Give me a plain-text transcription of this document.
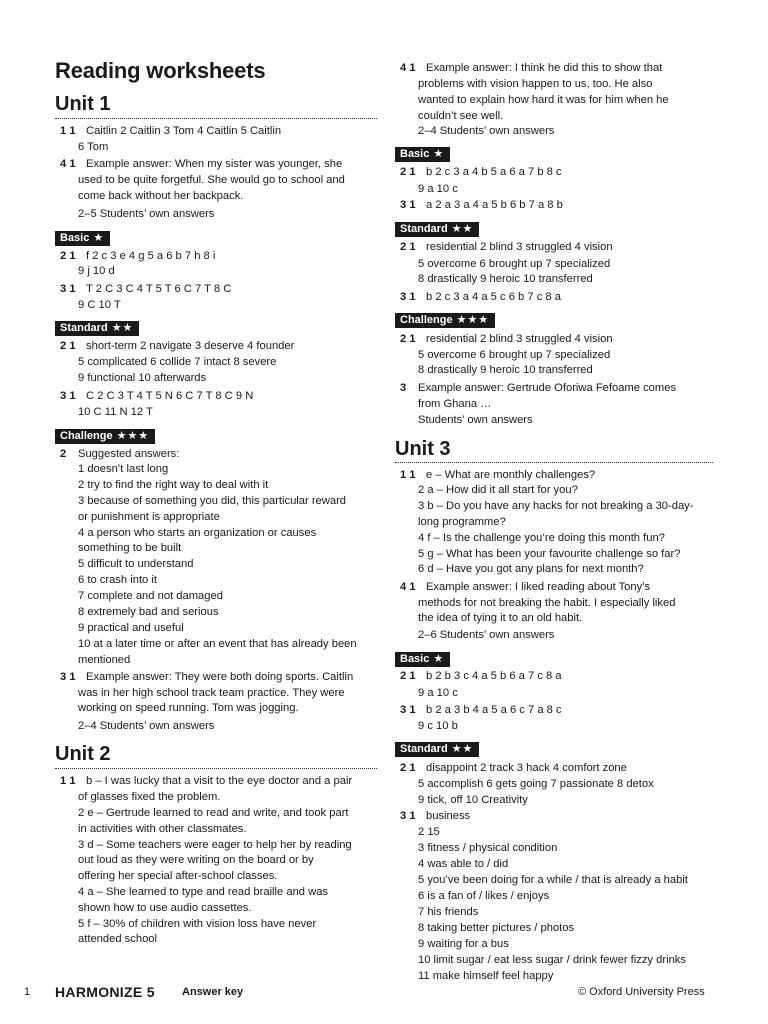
Reading worksheets
Unit 1
Unit 2
Unit 3
Basic ★
Standard ★★
Challenge ★★★
Basic ★
Standard ★★
Challenge ★★★
Basic ★
Standard ★★
1 1 Caitlin 2 Caitlin 3 Tom 4 Caitlin 5 Caitlin
6 Tom
4 1 Example answer: When my sister was younger, she
used to be quite forgetful. She would go to school and
come back without her backpack.
2–5 Students’ own answers
2 1 f 2 c 3 e 4 g 5 a 6 b 7 h 8 i
9 j 10 d
3 1 T 2 C 3 C 4 T 5 T 6 C 7 T 8 C
9 C 10 T
2 1 short-term 2 navigate 3 deserve 4 founder
5 complicated 6 collide 7 intact 8 severe
9 functional 10 afterwards
3 1 C 2 C 3 T 4 T 5 N 6 C 7 T 8 C 9 N
10 C 11 N 12 T
2 Suggested answers:
1 doesn’t last long
2 try to find the right way to deal with it
3 because of something you did, this particular reward
or punishment is appropriate
4 a person who starts an organization or causes
something to be built
5 difficult to understand
6 to crash into it
7 complete and not damaged
8 extremely bad and serious
9 practical and useful
10 at a later time or after an event that has already been
mentioned
3 1 Example answer: They were both doing sports. Caitlin
was in her high school track team practice. They were
working on speed running. Tom was jogging.
2–4 Students’ own answers
1 1 b – I was lucky that a visit to the eye doctor and a pair
of glasses fixed the problem.
2 e – Gertrude learned to read and write, and took part
in activities with other classmates.
3 d – Some teachers were eager to help her by reading
out loud as they were writing on the board or by
offering her special after-school classes.
4 a – She learned to type and read braille and was
shown how to use audio cassettes.
5 f – 30% of children with vision loss have never
attended school
4 1 Example answer: I think he did this to show that
problems with vision happen to us, too. He also
wanted to explain how hard it was for him when he
couldn’t see well.
2–4 Students’ own answers
2 1 b 2 c 3 a 4 b 5 a 6 a 7 b 8 c
9 a 10 c
3 1 a 2 a 3 a 4 a 5 b 6 b 7 a 8 b
2 1 residential 2 blind 3 struggled 4 vision
5 overcome 6 brought up 7 specialized
8 drastically 9 heroic 10 transferred
3 1 b 2 c 3 a 4 a 5 c 6 b 7 c 8 a
2 1 residential 2 blind 3 struggled 4 vision
5 overcome 6 brought up 7 specialized
8 drastically 9 heroic 10 transferred
3 Example answer: Gertrude Oforiwa Fefoame comes
from Ghana …
Students’ own answers
1 1 e – What are monthly challenges?
2 a – How did it all start for you?
3 b – Do you have any hacks for not breaking a 30-day-
long programme?
4 f – Is the challenge you’re doing this month fun?
5 g – What has been your favourite challenge so far?
6 d – Have you got any plans for next month?
4 1 Example answer: I liked reading about Tony’s
methods for not breaking the habit. I especially liked
the idea of tying it to an old habit.
2–6 Students’ own answers
2 1 b 2 b 3 c 4 a 5 b 6 a 7 c 8 a
9 a 10 c
3 1 b 2 a 3 b 4 a 5 a 6 c 7 a 8 c
9 c 10 b
2 1 disappoint 2 track 3 hack 4 comfort zone
5 accomplish 6 gets going 7 passionate 8 detox
9 tick, off 10 Creativity
3 1 business
2 15
3 fitness / physical condition
4 was able to / did
5 you’ve been doing for a while / that is already a habit
6 is a fan of / likes / enjoys
7 his friends
8 taking better pictures / photos
9 waiting for a bus
10 limit sugar / eat less sugar / drink fewer fizzy drinks
11 make himself feel happy
1 HARMONIZE 5 Answer key	© Oxford University Press
